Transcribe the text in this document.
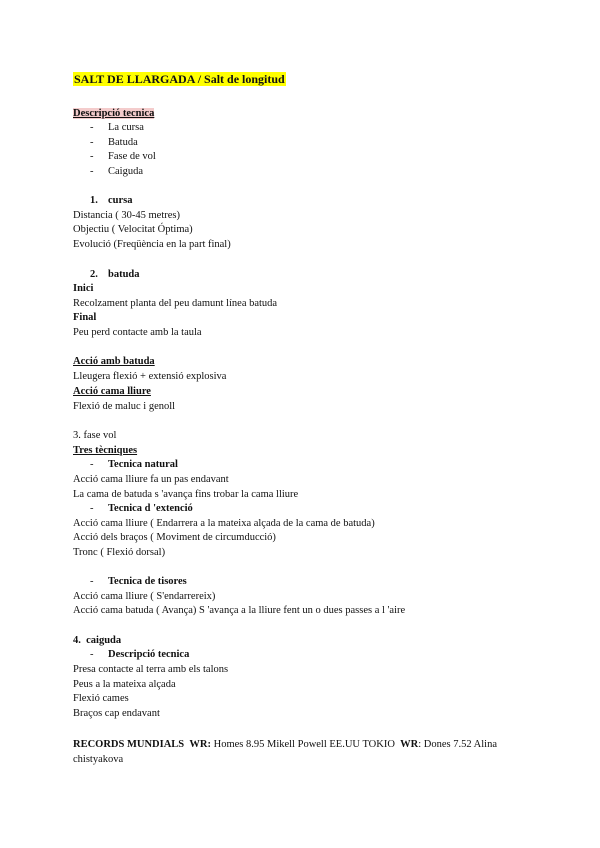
SALT DE LLARGADA / Salt de longitud
Descripció tecnica
- La cursa
- Batuda
- Fase de vol
- Caiguda
1. cursa
Distancia ( 30-45 metres)
Objectiu ( Velocitat Óptima)
Evolució (Freqüència en la part final)
2. batuda
Inici
Recolzament planta del peu damunt línea batuda
Final
Peu perd contacte amb la taula
Acció amb batuda
Lleugera flexió + extensió explosiva
Acció cama lliure
Flexió de maluc i genoll
3. fase vol
Tres tècniques
- Tecnica natural
Acció cama lliure fa un pas endavant
La cama de batuda s 'avança fins trobar la cama lliure
- Tecnica d 'extenció
Acció cama lliure ( Endarrera a la mateixa alçada de la cama de batuda)
Acció dels braços ( Moviment de circumducció)
Tronc ( Flexió dorsal)
- Tecnica de tisores
Acció cama lliure ( S'endarrereix)
Acció cama batuda ( Avança) S 'avança a la lliure fent un o dues passes a l 'aire
4. caiguda
- Descripció tecnica
Presa contacte al terra amb els talons
Peus a la mateixa alçada
Flexió cames
Braços cap endavant
RECORDS MUNDIALS WR: Homes 8.95 Mikell Powell EE.UU TOKIO WR: Dones 7.52 Alina
chistyakova
